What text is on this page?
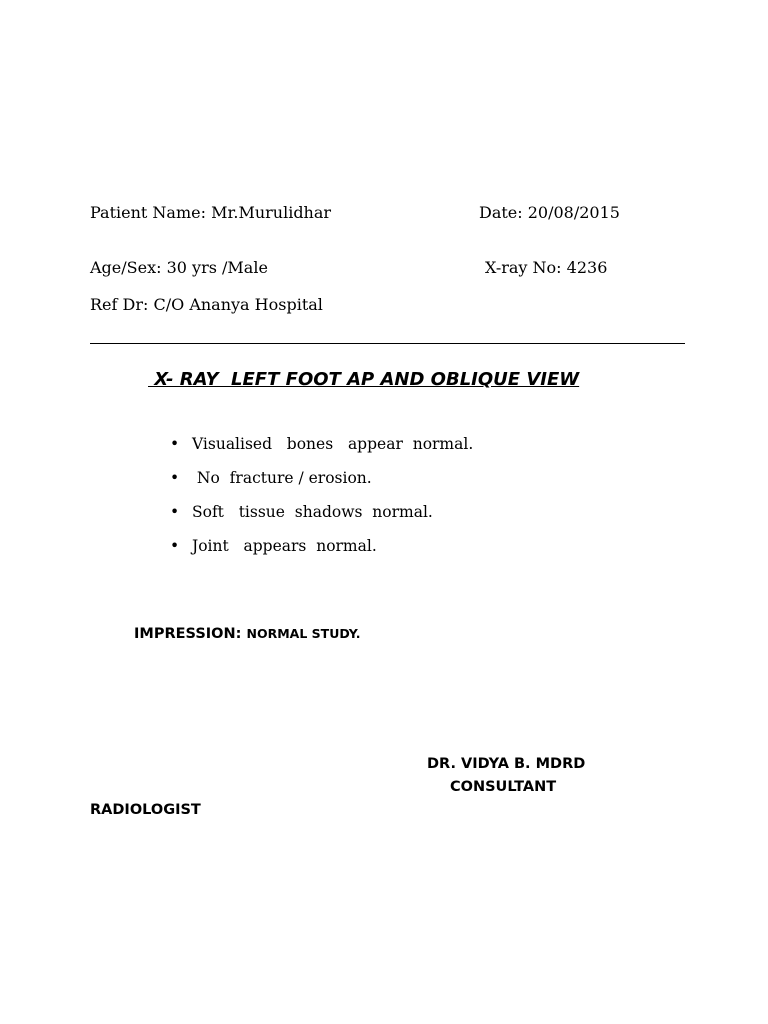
Patient Name: Mr.Murulidhar	Date: 20/08/2015
Age/Sex: 30 yrs /Male	X-ray No: 4236
Ref Dr: C/O Ananya Hospital
X- RAY  LEFT FOOT AP AND OBLIQUE VIEW
• Visualised   bones   appear  normal.
• No  fracture / erosion.
• Soft   tissue  shadows  normal.
• Joint   appears  normal.
IMPRESSION: NORMAL STUDY.
DR. VIDYA B. MDRD
CONSULTANT
RADIOLOGIST
